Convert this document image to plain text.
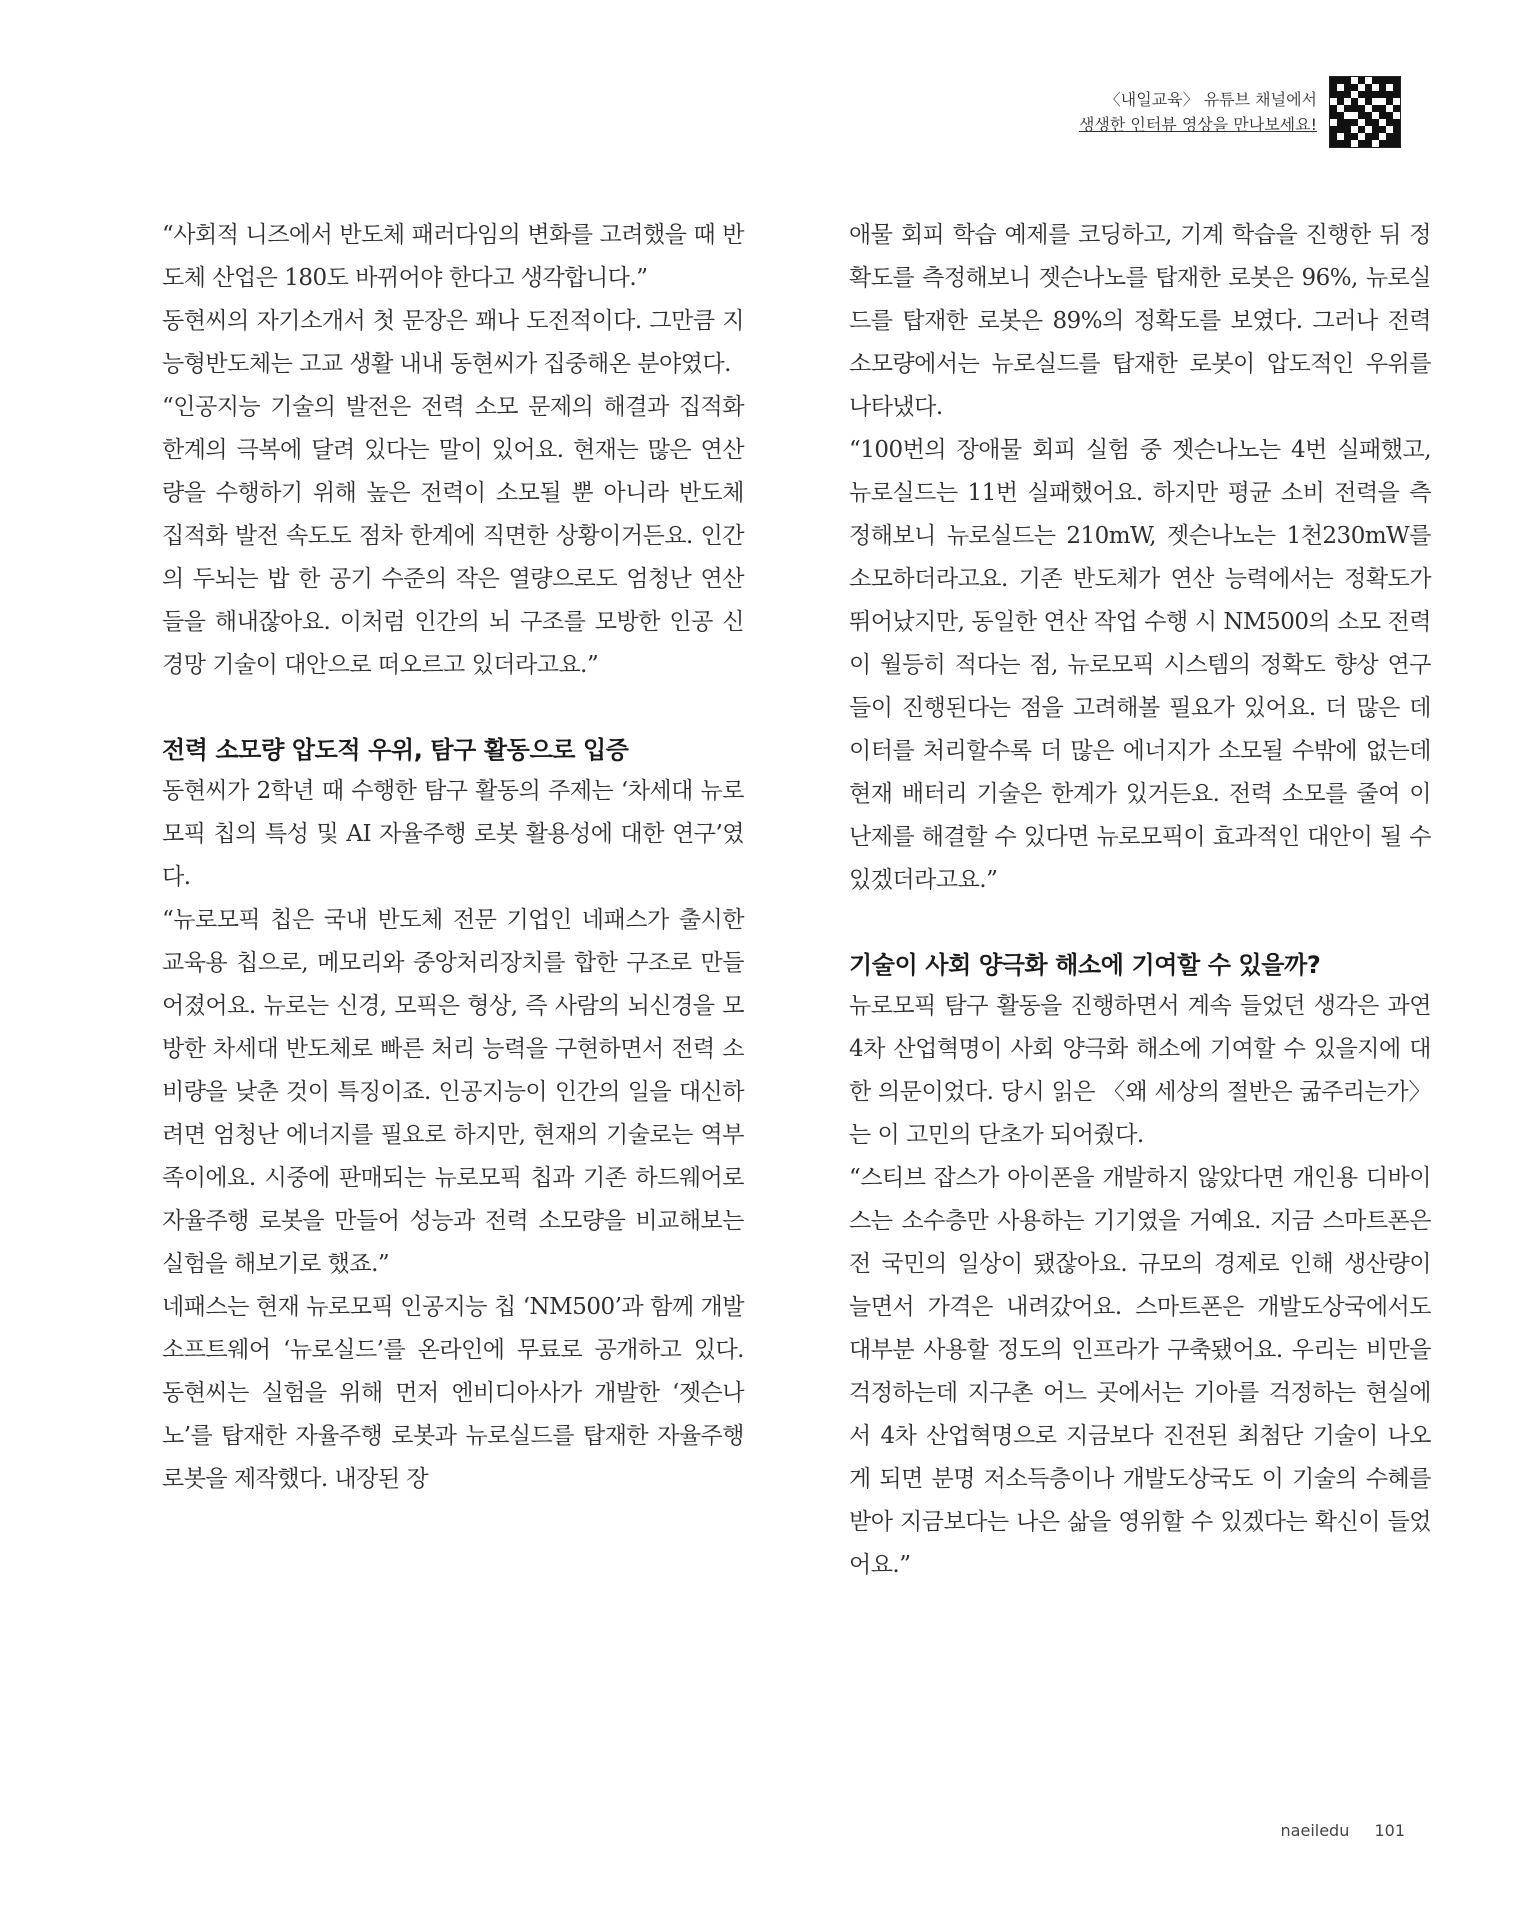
〈내일교육〉 유튜브 채널에서
생생한 인터뷰 영상을 만나보세요!

“사회적 니즈에서 반도체 패러다임의 변화를 고려했을 때 반도체 산업은 180도 바뀌어야 한다고 생각합니다.”

동현씨의 자기소개서 첫 문장은 꽤나 도전적이다. 그만큼 지능형반도체는 고교 생활 내내 동현씨가 집중해온 분야였다.

“인공지능 기술의 발전은 전력 소모 문제의 해결과 집적화 한계의 극복에 달려 있다는 말이 있어요. 현재는 많은 연산량을 수행하기 위해 높은 전력이 소모될 뿐 아니라 반도체 집적화 발전 속도도 점차 한계에 직면한 상황이거든요. 인간의 두뇌는 밥 한 공기 수준의 작은 열량으로도 엄청난 연산들을 해내잖아요. 이처럼 인간의 뇌 구조를 모방한 인공 신경망 기술이 대안으로 떠오르고 있더라고요.”

전력 소모량 압도적 우위, 탐구 활동으로 입증

동현씨가 2학년 때 수행한 탐구 활동의 주제는 ‘차세대 뉴로모픽 칩의 특성 및 AI 자율주행 로봇 활용성에 대한 연구’였다.

“뉴로모픽 칩은 국내 반도체 전문 기업인 네패스가 출시한 교육용 칩으로, 메모리와 중앙처리장치를 합한 구조로 만들어졌어요. 뉴로는 신경, 모픽은 형상, 즉 사람의 뇌신경을 모방한 차세대 반도체로 빠른 처리 능력을 구현하면서 전력 소비량을 낮춘 것이 특징이죠. 인공지능이 인간의 일을 대신하려면 엄청난 에너지를 필요로 하지만, 현재의 기술로는 역부족이에요. 시중에 판매되는 뉴로모픽 칩과 기존 하드웨어로 자율주행 로봇을 만들어 성능과 전력 소모량을 비교해보는 실험을 해보기로 했죠.”

네패스는 현재 뉴로모픽 인공지능 칩 ‘NM500’과 함께 개발 소프트웨어 ‘뉴로실드’를 온라인에 무료로 공개하고 있다. 동현씨는 실험을 위해 먼저 엔비디아사가 개발한 ‘젯슨나노’를 탑재한 자율주행 로봇과 뉴로실드를 탑재한 자율주행 로봇을 제작했다. 내장된 장

애물 회피 학습 예제를 코딩하고, 기계 학습을 진행한 뒤 정확도를 측정해보니 젯슨나노를 탑재한 로봇은 96%, 뉴로실드를 탑재한 로봇은 89%의 정확도를 보였다. 그러나 전력 소모량에서는 뉴로실드를 탑재한 로봇이 압도적인 우위를 나타냈다.

“100번의 장애물 회피 실험 중 젯슨나노는 4번 실패했고, 뉴로실드는 11번 실패했어요. 하지만 평균 소비 전력을 측정해보니 뉴로실드는 210mW, 젯슨나노는 1천230mW를 소모하더라고요. 기존 반도체가 연산 능력에서는 정확도가 뛰어났지만, 동일한 연산 작업 수행 시 NM500의 소모 전력이 월등히 적다는 점, 뉴로모픽 시스템의 정확도 향상 연구들이 진행된다는 점을 고려해볼 필요가 있어요. 더 많은 데이터를 처리할수록 더 많은 에너지가 소모될 수밖에 없는데 현재 배터리 기술은 한계가 있거든요. 전력 소모를 줄여 이 난제를 해결할 수 있다면 뉴로모픽이 효과적인 대안이 될 수 있겠더라고요.”

기술이 사회 양극화 해소에 기여할 수 있을까?

뉴로모픽 탐구 활동을 진행하면서 계속 들었던 생각은 과연 4차 산업혁명이 사회 양극화 해소에 기여할 수 있을지에 대한 의문이었다. 당시 읽은 〈왜 세상의 절반은 굶주리는가〉는 이 고민의 단초가 되어줬다.

“스티브 잡스가 아이폰을 개발하지 않았다면 개인용 디바이스는 소수층만 사용하는 기기였을 거예요. 지금 스마트폰은 전 국민의 일상이 됐잖아요. 규모의 경제로 인해 생산량이 늘면서 가격은 내려갔어요. 스마트폰은 개발도상국에서도 대부분 사용할 정도의 인프라가 구축됐어요. 우리는 비만을 걱정하는데 지구촌 어느 곳에서는 기아를 걱정하는 현실에서 4차 산업혁명으로 지금보다 진전된 최첨단 기술이 나오게 되면 분명 저소득층이나 개발도상국도 이 기술의 수혜를 받아 지금보다는 나은 삶을 영위할 수 있겠다는 확신이 들었어요.”

naeiledu 101
